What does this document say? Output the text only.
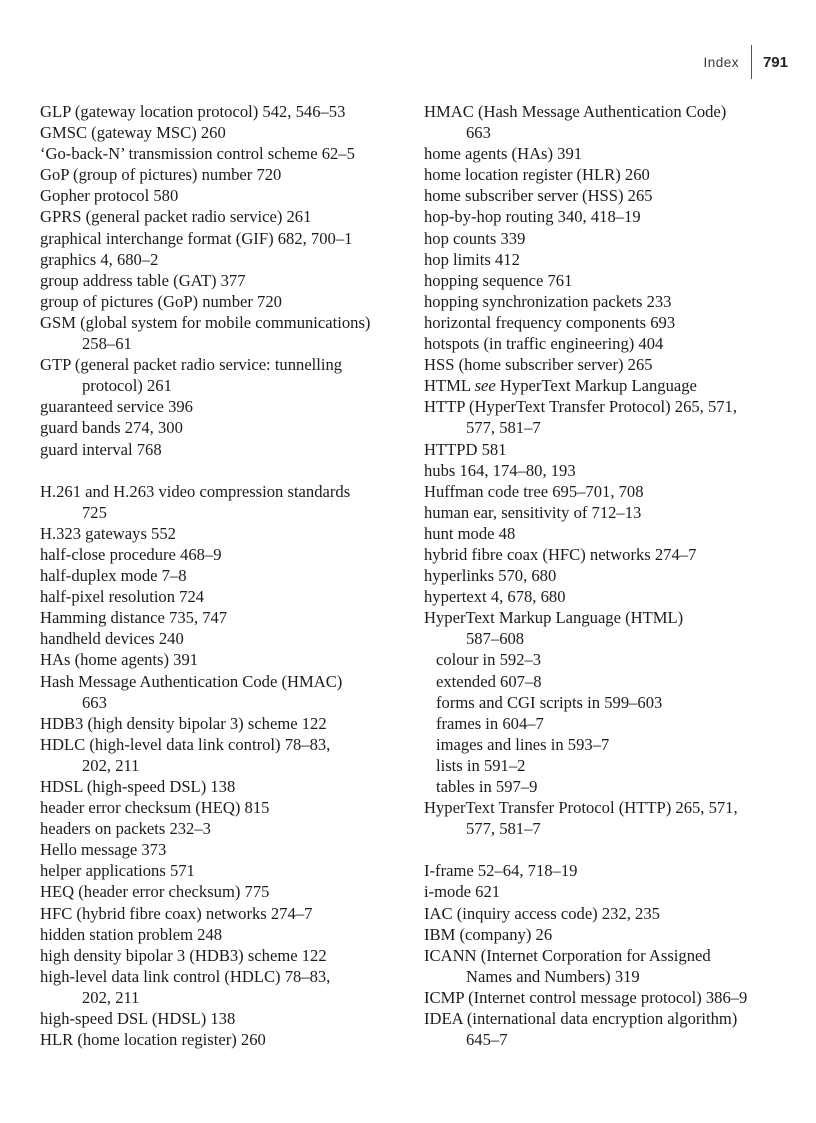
Index	791
GLP (gateway location protocol) 542, 546–53
GMSC (gateway MSC) 260
‘Go-back-N’ transmission control scheme 62–5
GoP (group of pictures) number 720
Gopher protocol 580
GPRS (general packet radio service) 261
graphical interchange format (GIF) 682, 700–1
graphics 4, 680–2
group address table (GAT) 377
group of pictures (GoP) number 720
GSM (global system for mobile communications)
258–61
GTP (general packet radio service: tunnelling
protocol) 261
guaranteed service 396
guard bands 274, 300
guard interval 768
H.261 and H.263 video compression standards
725
H.323 gateways 552
half-close procedure 468–9
half-duplex mode 7–8
half-pixel resolution 724
Hamming distance 735, 747
handheld devices 240
HAs (home agents) 391
Hash Message Authentication Code (HMAC)
663
HDB3 (high density bipolar 3) scheme 122
HDLC (high-level data link control) 78–83,
202, 211
HDSL (high-speed DSL) 138
header error checksum (HEQ) 815
headers on packets 232–3
Hello message 373
helper applications 571
HEQ (header error checksum) 775
HFC (hybrid fibre coax) networks 274–7
hidden station problem 248
high density bipolar 3 (HDB3) scheme 122
high-level data link control (HDLC) 78–83,
202, 211
high-speed DSL (HDSL) 138
HLR (home location register) 260
HMAC (Hash Message Authentication Code)
663
home agents (HAs) 391
home location register (HLR) 260
home subscriber server (HSS) 265
hop-by-hop routing 340, 418–19
hop counts 339
hop limits 412
hopping sequence 761
hopping synchronization packets 233
horizontal frequency components 693
hotspots (in traffic engineering) 404
HSS (home subscriber server) 265
HTML see HyperText Markup Language
HTTP (HyperText Transfer Protocol) 265, 571,
577, 581–7
HTTPD 581
hubs 164, 174–80, 193
Huffman code tree 695–701, 708
human ear, sensitivity of 712–13
hunt mode 48
hybrid fibre coax (HFC) networks 274–7
hyperlinks 570, 680
hypertext 4, 678, 680
HyperText Markup Language (HTML)
587–608
colour in 592–3
extended 607–8
forms and CGI scripts in 599–603
frames in 604–7
images and lines in 593–7
lists in 591–2
tables in 597–9
HyperText Transfer Protocol (HTTP) 265, 571,
577, 581–7
I-frame 52–64, 718–19
i-mode 621
IAC (inquiry access code) 232, 235
IBM (company) 26
ICANN (Internet Corporation for Assigned
Names and Numbers) 319
ICMP (Internet control message protocol) 386–9
IDEA (international data encryption algorithm)
645–7
